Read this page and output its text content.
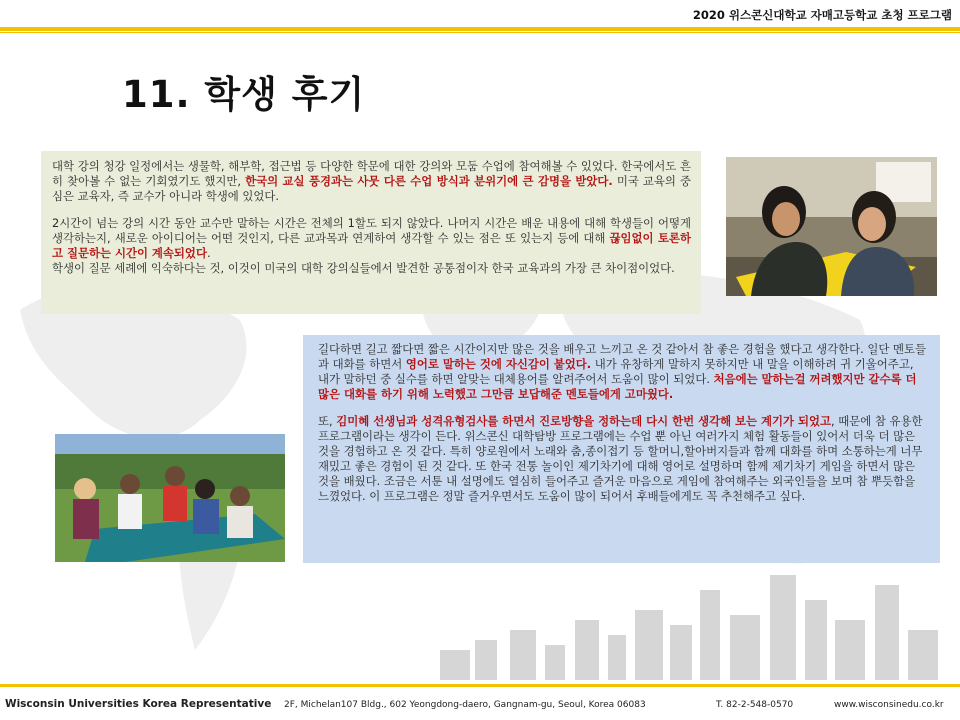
2020 위스콘신대학교 자매고등학교 초청 프로그램
11. 학생 후기

대학 강의 청강 일정에서는 생물학, 해부학, 접근법 등 다양한 학문에 대한 강의와 모둠 수업에 참여해볼 수 있었다. 한국에서도 흔히 찾아볼 수 없는 기회였기도 했지만, 한국의 교실 풍경과는 사뭇 다른 수업 방식과 분위기에 큰 감명을 받았다. 미국 교육의 중심은 교육자, 즉 교수가 아니라 학생에 있었다.

2시간이 넘는 강의 시간 동안 교수만 말하는 시간은 전체의 1할도 되지 않았다. 나머지 시간은 배운 내용에 대해 학생들이 어떻게 생각하는지, 새로운 아이디어는 어떤 것인지, 다른 교과목과 연계하여 생각할 수 있는 점은 또 있는지 등에 대해 끊임없이 토론하고 질문하는 시간이 계속되었다.

학생이 질문 세례에 익숙하다는 것, 이것이 미국의 대학 강의실들에서 발견한 공통점이자 한국 교육과의 가장 큰 차이점이었다.

길다하면 길고 짧다면 짧은 시간이지만 많은 것을 배우고 느끼고 온 것 같아서 참 좋은 경험을 했다고 생각한다. 일단 멘토들과 대화를 하면서 영어로 말하는 것에 자신감이 붙었다. 내가 유창하게 말하지 못하지만 내 말을 이해하려 귀 기울어주고, 내가 말하던 중 실수를 하면 알맞는 대체용어를 알려주어서 도움이 많이 되었다. 처음에는 말하는걸 꺼려했지만 갈수록 더 많은 대화를 하기 위해 노력했고 그만큼 보답해준 멘토들에게 고마웠다.

또, 김미혜 선생님과 성격유형검사를 하면서 진로방향을 정하는데 다시 한번 생각해 보는 계기가 되었고, 때문에 참 유용한 프로그램이라는 생각이 든다. 위스콘신 대학탐방 프로그램에는 수업 뿐 아닌 여러가지 체험 활동들이 있어서 더욱 더 많은 것을 경험하고 온 것 같다. 특히 양로원에서 노래와 춤,종이접기 등 할머니,할아버지들과 함께 대화를 하며 소통하는게 너무 재밌고 좋은 경험이 된 것 같다. 또 한국 전통 놀이인 제기차기에 대해 영어로 설명하며 함께 제기차기 게임을 하면서 많은 것을 배웠다. 조금은 서툰 내 설명에도 열심히 들어주고 즐거운 마음으로 게임에 참여해주는 외국인들을 보며 참 뿌듯함을 느꼈었다. 이 프로그램은 정말 즐거우면서도 도움이 많이 되어서 후배들에게도 꼭 추천해주고 싶다.

Wisconsin Universities Korea Representative 2F, Michelan107 Bldg., 602 Yeongdong-daero, Gangnam-gu, Seoul, Korea 06083	T. 82-2-548-0570	www.wisconsinedu.co.kr
